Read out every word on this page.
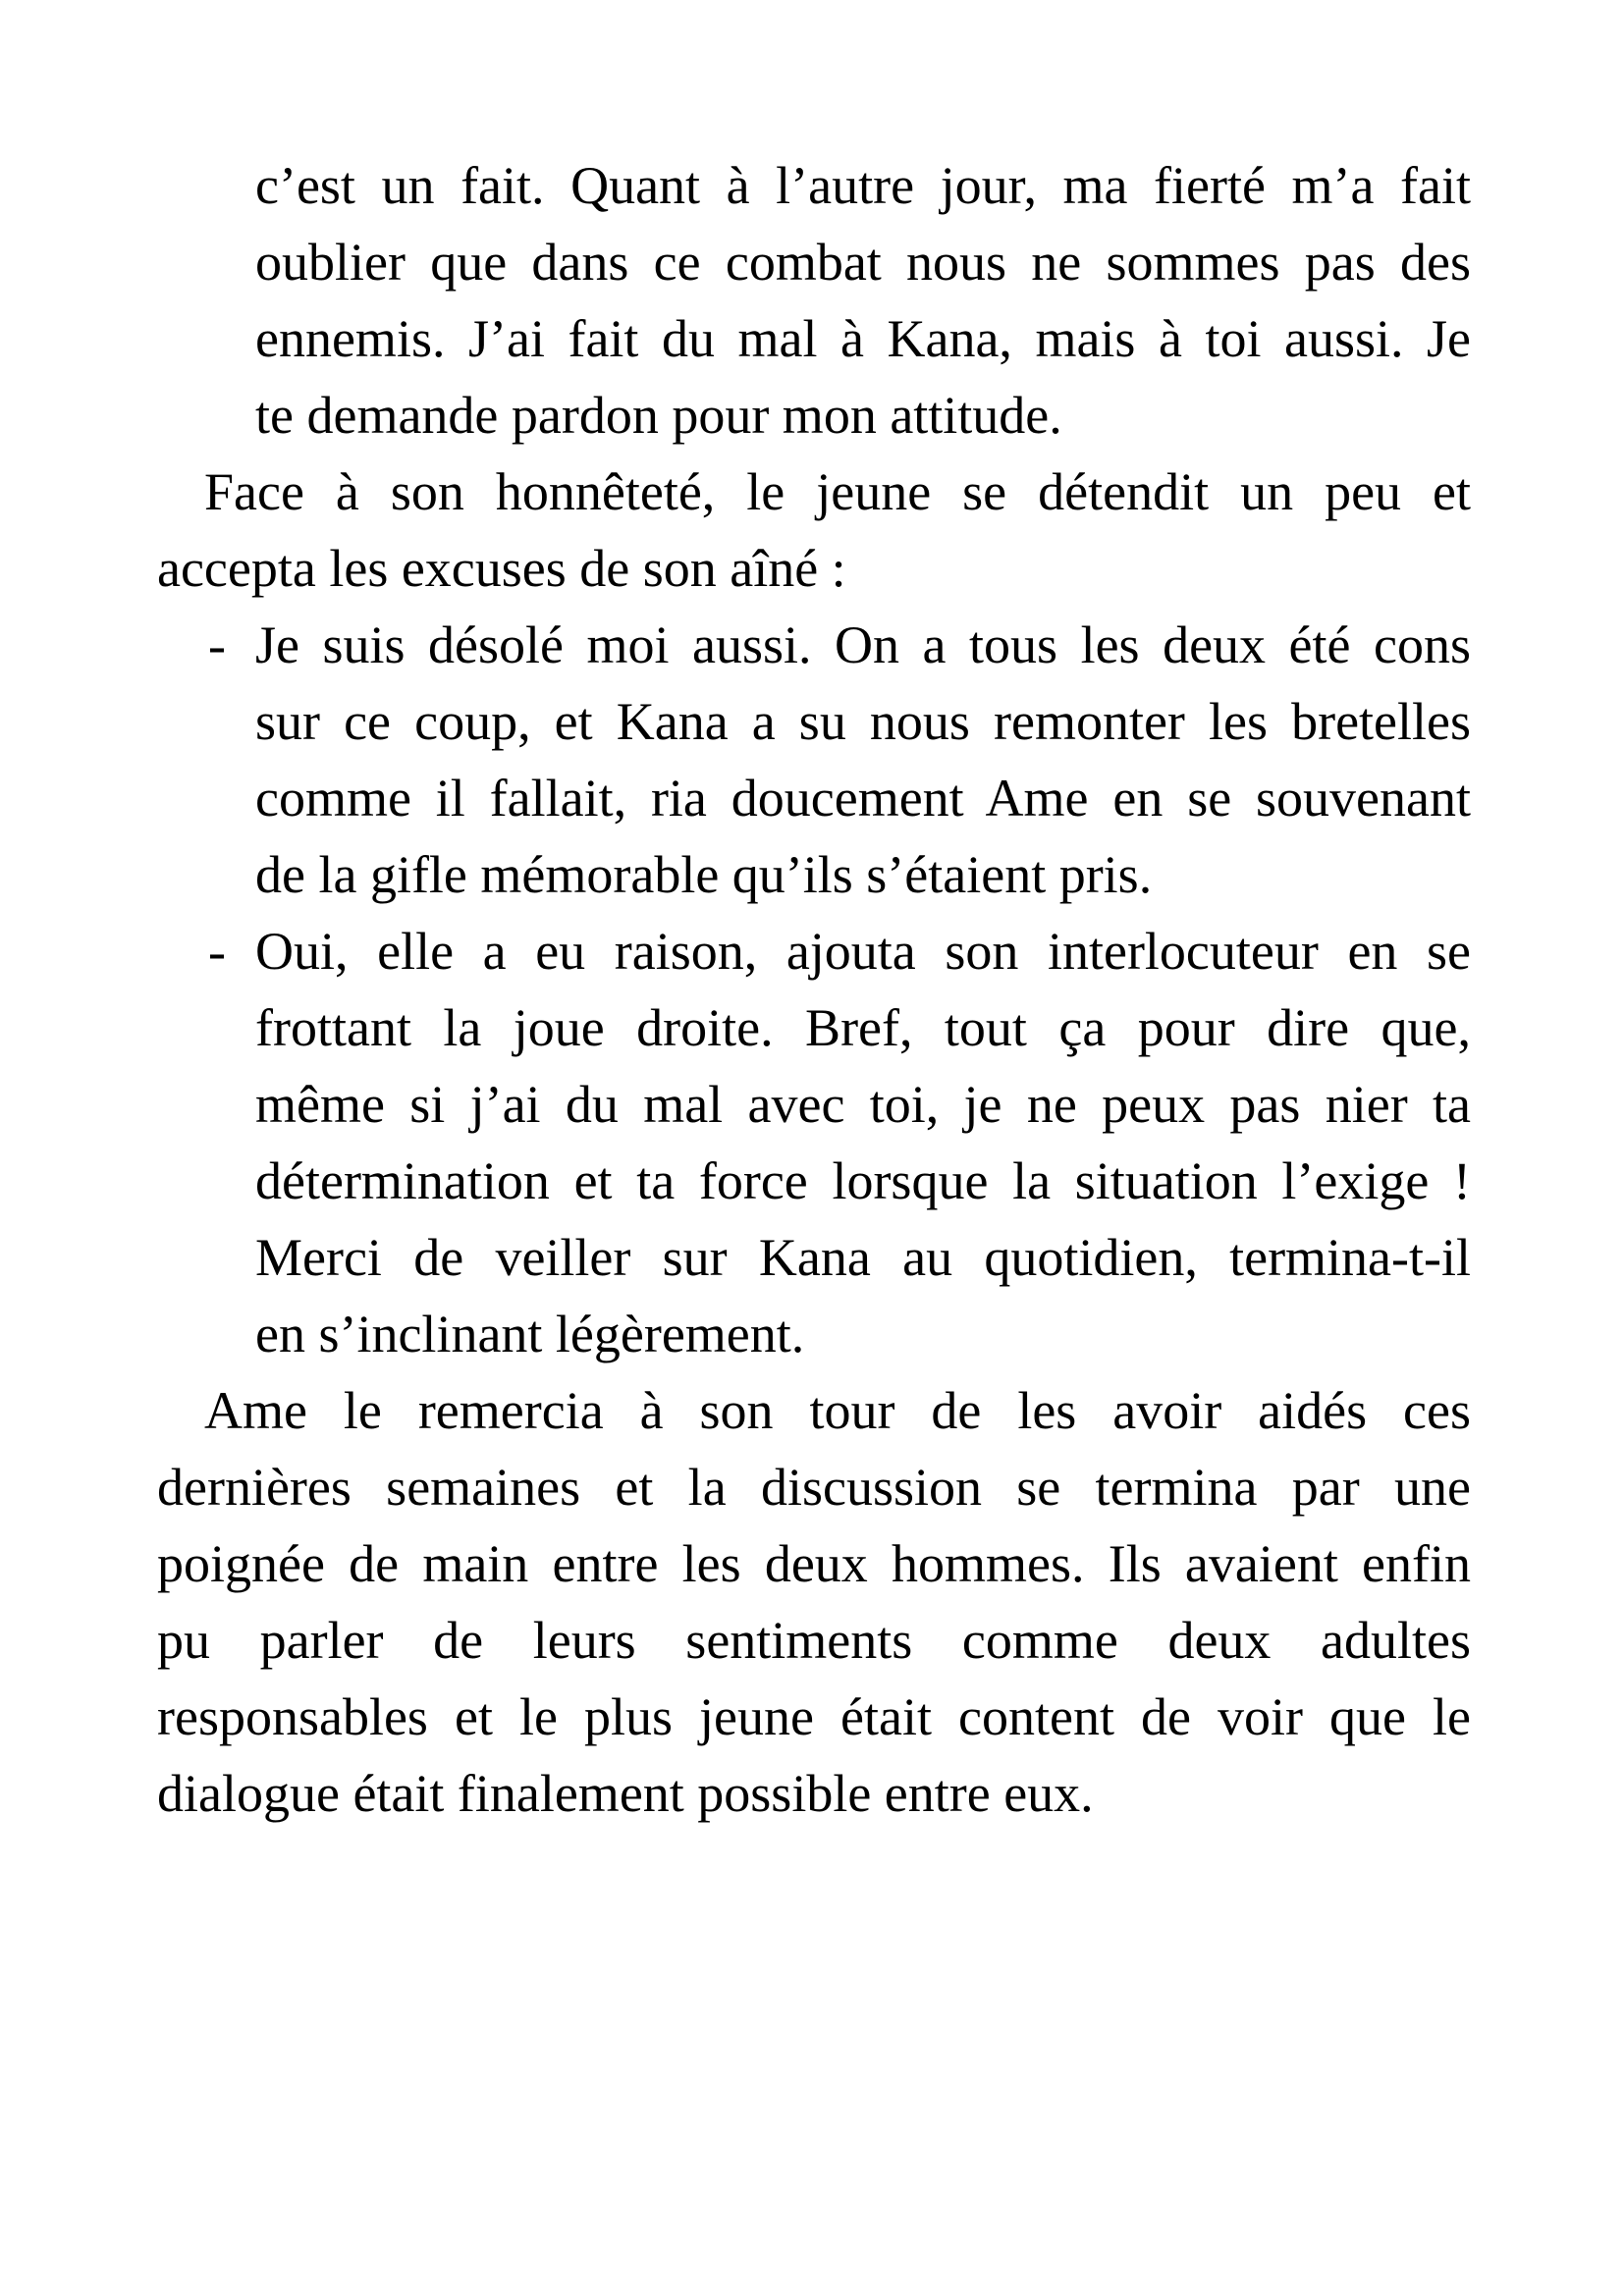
c’est un fait. Quant à l’autre jour, ma fierté m’a fait
oublier que dans ce combat nous ne sommes pas des
ennemis. J’ai fait du mal à Kana, mais à toi aussi. Je
te demande pardon pour mon attitude.
Face à son honnêteté, le jeune se détendit un peu et
accepta les excuses de son aîné :
- Je suis désolé moi aussi. On a tous les deux été cons
sur ce coup, et Kana a su nous remonter les bretelles
comme il fallait, ria doucement Ame en se souvenant
de la gifle mémorable qu’ils s’étaient pris.
- Oui, elle a eu raison, ajouta son interlocuteur en se
frottant la joue droite. Bref, tout ça pour dire que,
même si j’ai du mal avec toi, je ne peux pas nier ta
détermination et ta force lorsque la situation l’exige !
Merci de veiller sur Kana au quotidien, termina-t-il
en s’inclinant légèrement.
Ame le remercia à son tour de les avoir aidés ces
dernières semaines et la discussion se termina par une
poignée de main entre les deux hommes. Ils avaient enfin
pu parler de leurs sentiments comme deux adultes
responsables et le plus jeune était content de voir que le
dialogue était finalement possible entre eux.
